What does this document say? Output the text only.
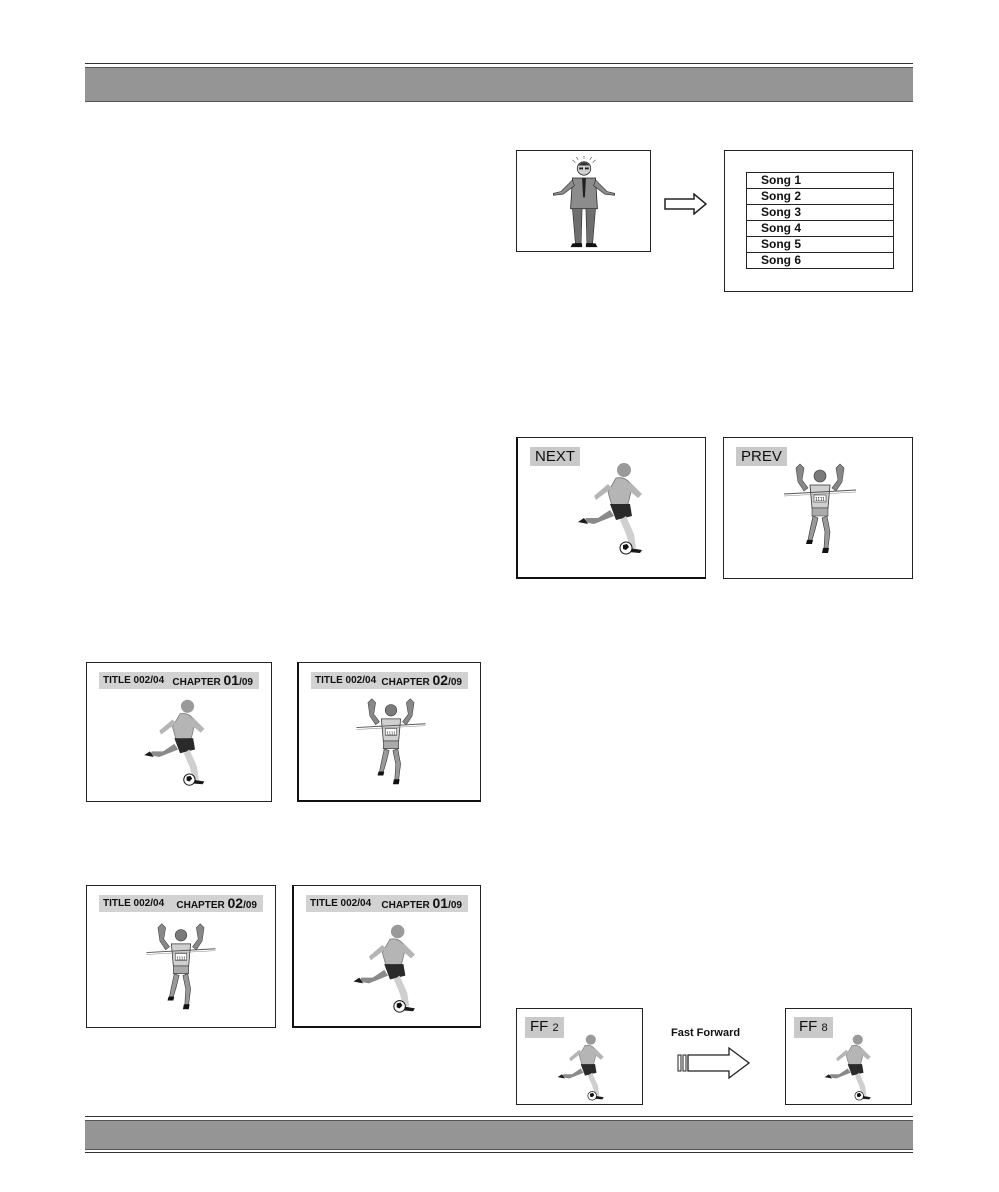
Song 1
Song 2
Song 3
Song 4
Song 5
Song 6
NEXT	PREV
TITLE 002/04 CHAPTER 01/09	TITLE 002/04 CHAPTER 02/09
TITLE 002/04 CHAPTER 02/09	TITLE 002/04 CHAPTER 01/09
FF 2	Fast Forward	FF 8
